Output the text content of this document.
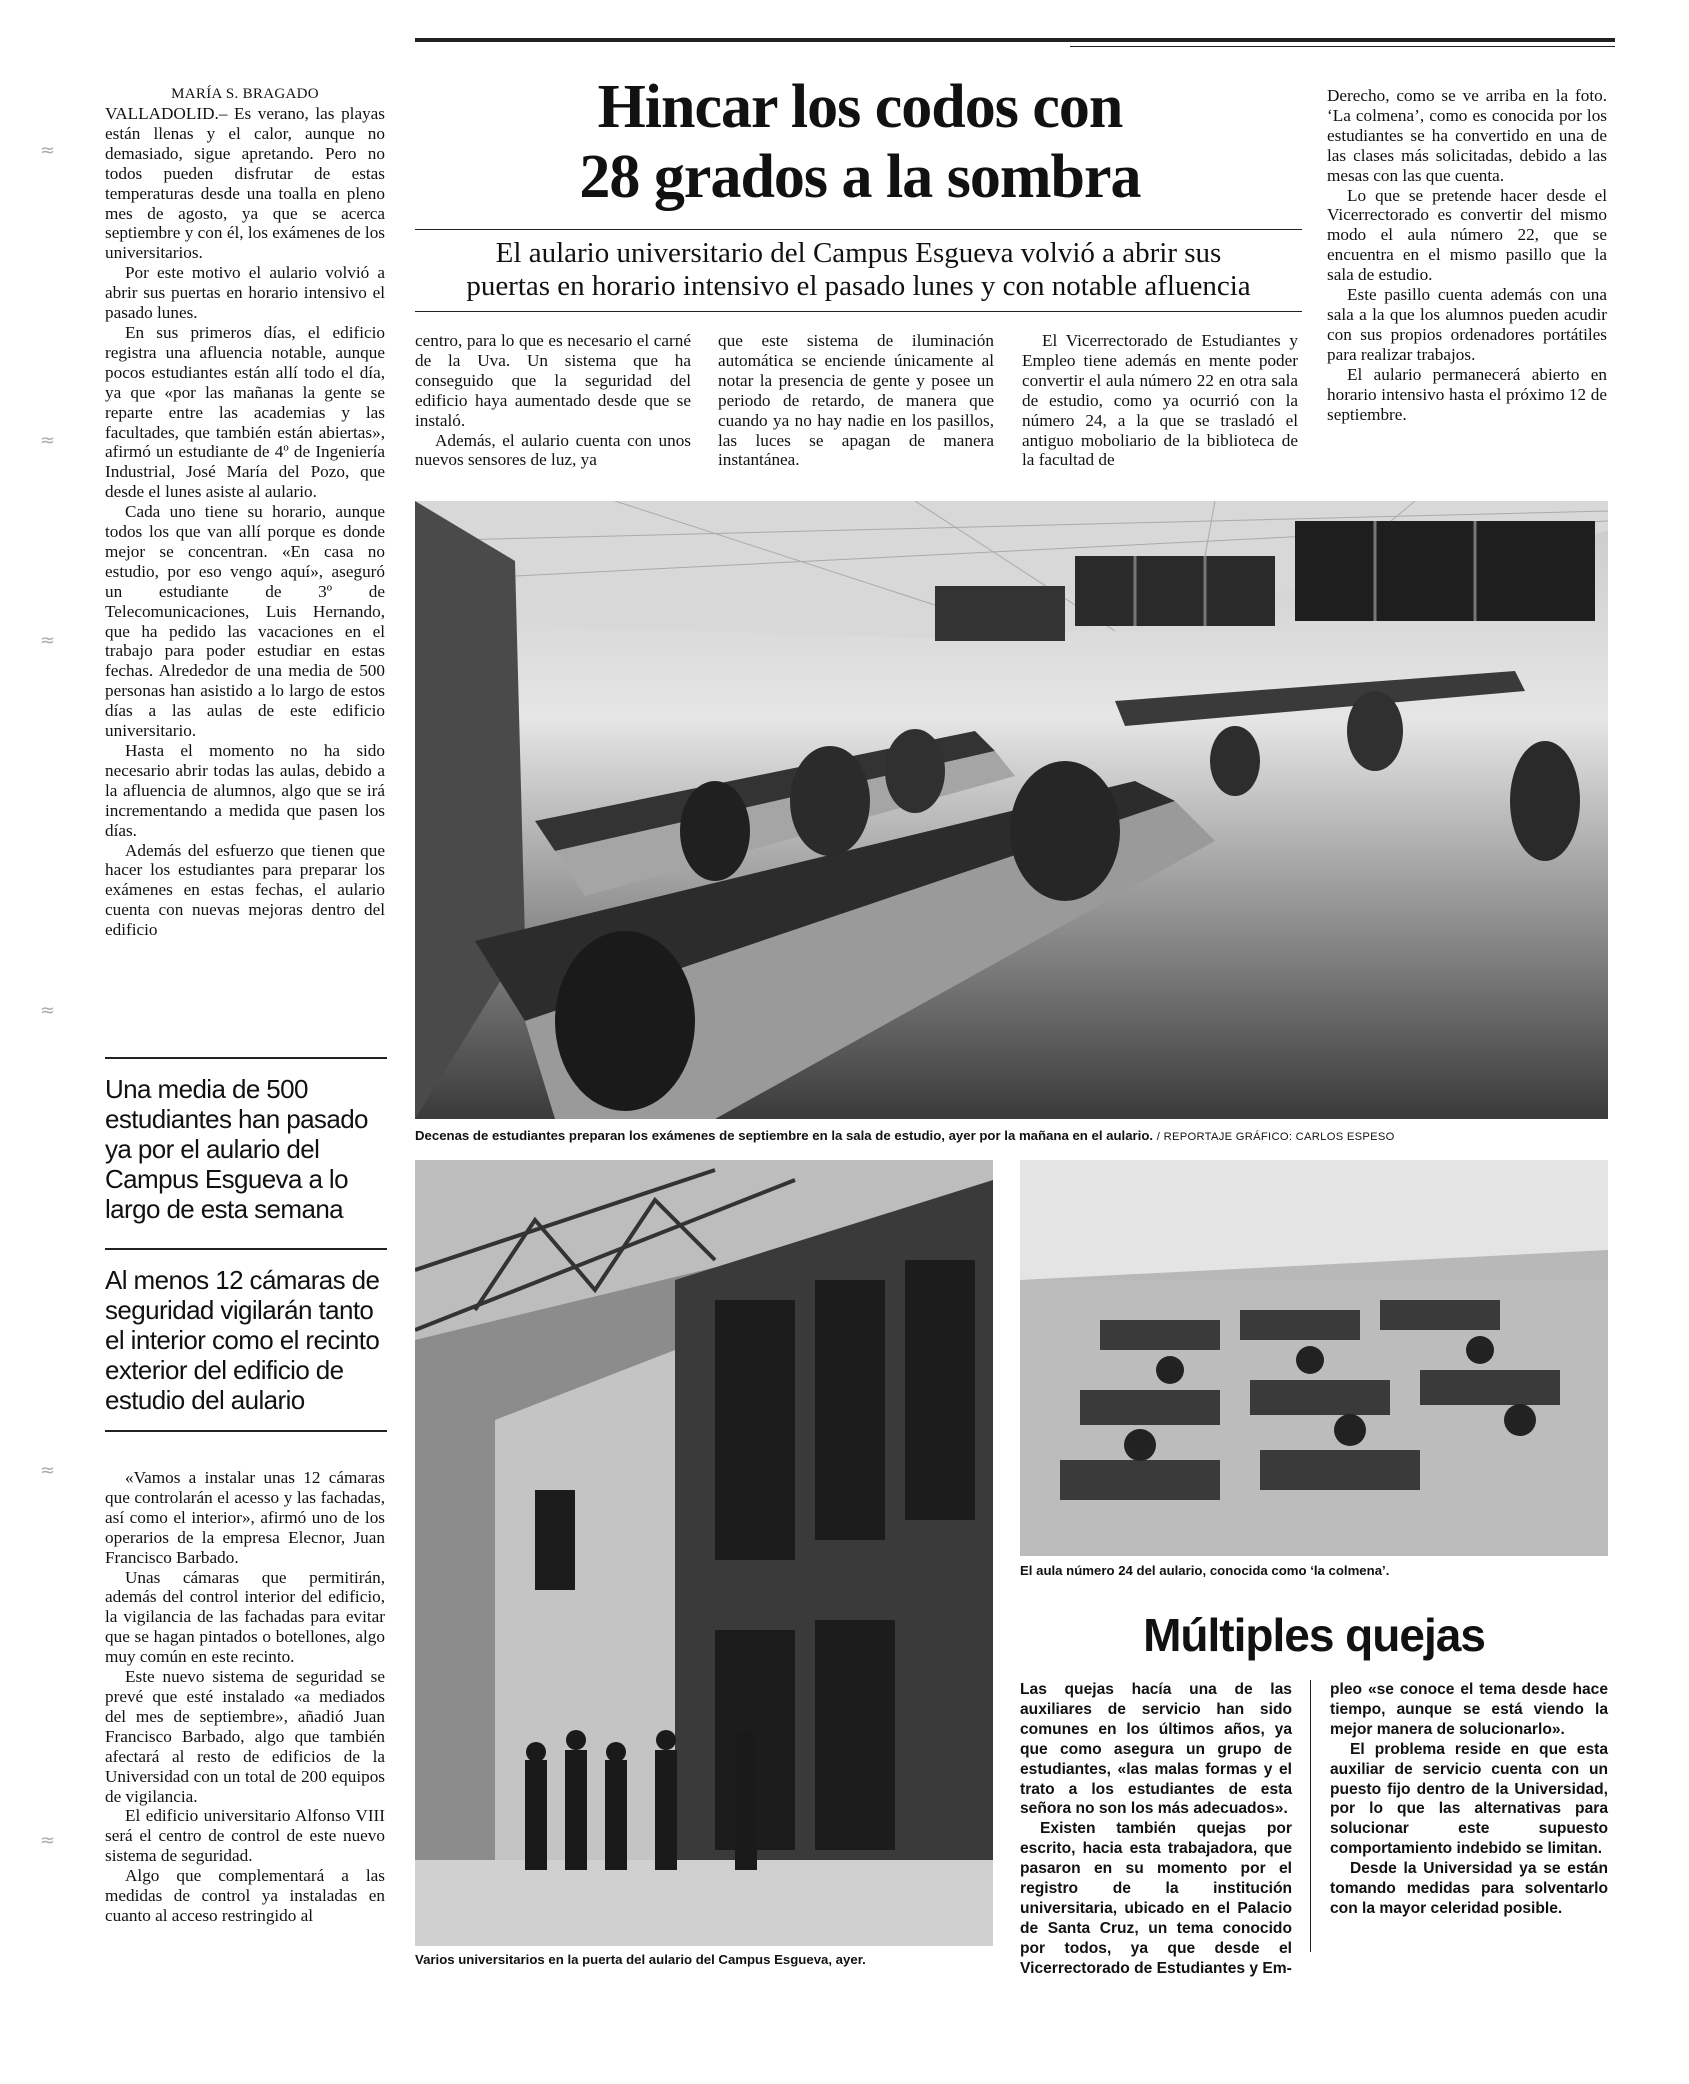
≈
≈
≈
≈
≈
≈
MARÍA S. BRAGADO	Hincar los codos con
28 grados a la sombra
El aulario universitario del Campus Esgueva volvió a abrir sus
puertas en horario intensivo el pasado lunes y con notable afluencia

VALLADOLID.– Es verano, las playas están llenas y el calor, aunque no demasiado, sigue apretando. Pero no todos pueden disfrutar de estas temperaturas desde una toalla en pleno mes de agosto, ya que se acerca septiembre y con él, los exámenes de los universitarios.

Por este motivo el aulario volvió a abrir sus puertas en horario intensivo el pasado lunes.

En sus primeros días, el edificio registra una afluencia notable, aunque pocos estudiantes están allí todo el día, ya que «por las mañanas la gente se reparte entre las academias y las facultades, que también están abiertas», afirmó un estudiante de 4º de Ingeniería Industrial, José María del Pozo, que desde el lunes asiste al aulario.

Cada uno tiene su horario, aunque todos los que van allí porque es donde mejor se concentran. «En casa no estudio, por eso vengo aquí», aseguró un estudiante de 3º de Telecomunicaciones, Luis Hernando, que ha pedido las vacaciones en el trabajo para poder estudiar en estas fechas. Alrededor de una media de 500 personas han asistido a lo largo de estos días a las aulas de este edificio universitario.

Hasta el momento no ha sido necesario abrir todas las aulas, debido a la afluencia de alumnos, algo que se irá incrementando a medida que pasen los días.

Además del esfuerzo que tienen que hacer los estudiantes para preparar los exámenes en estas fechas, el aulario cuenta con nuevas mejoras dentro del edificio

Una media de 500 estudiantes han pasado ya por el aulario del Campus Esgueva a lo largo de esta semana
Al menos 12 cámaras de seguridad vigilarán tanto el interior como el recinto exterior del edificio de estudio del aulario

«Vamos a instalar unas 12 cámaras que controlarán el acesso y las fachadas, así como el interior», afirmó uno de los operarios de la empresa Elecnor, Juan Francisco Barbado.

Unas cámaras que permitirán, además del control interior del edificio, la vigilancia de las fachadas para evitar que se hagan pintados o botellones, algo muy común en este recinto.

Este nuevo sistema de seguridad se prevé que esté instalado «a mediados del mes de septiembre», añadió Juan Francisco Barbado, algo que también afectará al resto de edificios de la Universidad con un total de 200 equipos de vigilancia.

El edificio universitario Alfonso VIII será el centro de control de este nuevo sistema de seguridad.

Algo que complementará a las medidas de control ya instaladas en cuanto al acceso restringido al

centro, para lo que es necesario el carné de la Uva. Un sistema que ha conseguido que la seguridad del edificio haya aumentado desde que se instaló.

Además, el aulario cuenta con unos nuevos sensores de luz, ya

que este sistema de iluminación automática se enciende únicamente al notar la presencia de gente y posee un periodo de retardo, de manera que cuando ya no hay nadie en los pasillos, las luces se apagan de manera instantánea.

El Vicerrectorado de Estudiantes y Empleo tiene además en mente poder convertir el aula número 22 en otra sala de estudio, como ya ocurrió con la número 24, a la que se trasladó el antiguo moboliario de la biblioteca de la facultad de

Derecho, como se ve arriba en la foto. ‘La colmena’, como es conocida por los estudiantes se ha convertido en una de las clases más solicitadas, debido a las mesas con las que cuenta.

Lo que se pretende hacer desde el Vicerrectorado es convertir del mismo modo el aula número 22, que se encuentra en el mismo pasillo que la sala de estudio.

Este pasillo cuenta además con una sala a la que los alumnos pueden acudir con sus propios ordenadores portátiles para realizar trabajos.

El aulario permanecerá abierto en horario intensivo hasta el próximo 12 de septiembre.

Decenas de estudiantes preparan los exámenes de septiembre en la sala de estudio, ayer por la mañana en el aulario. / REPORTAJE GRÁFICO: CARLOS ESPESO
Varios universitarios en la puerta del aulario del Campus Esgueva, ayer.
El aula número 24 del aulario, conocida como ‘la colmena’.
Múltiples quejas

Las quejas hacía una de las auxiliares de servicio han sido comunes en los últimos años, ya que como asegura un grupo de estudiantes, «las malas formas y el trato a los estudiantes de esta señora no son los más adecuados».

Existen también quejas por escrito, hacia esta trabajadora, que pasaron en su momento por el registro de la institución universitaria, ubicado en el Palacio de Santa Cruz, un tema conocido por todos, ya que desde el Vicerrectorado de Estudiantes y Em-

pleo «se conoce el tema desde hace tiempo, aunque se está viendo la mejor manera de solucionarlo».

El problema reside en que esta auxiliar de servicio cuenta con un puesto fijo dentro de la Universidad, por lo que las alternativas para solucionar este supuesto comportamiento indebido se limitan.

Desde la Universidad ya se están tomando medidas para solventarlo con la mayor celeridad posible.
